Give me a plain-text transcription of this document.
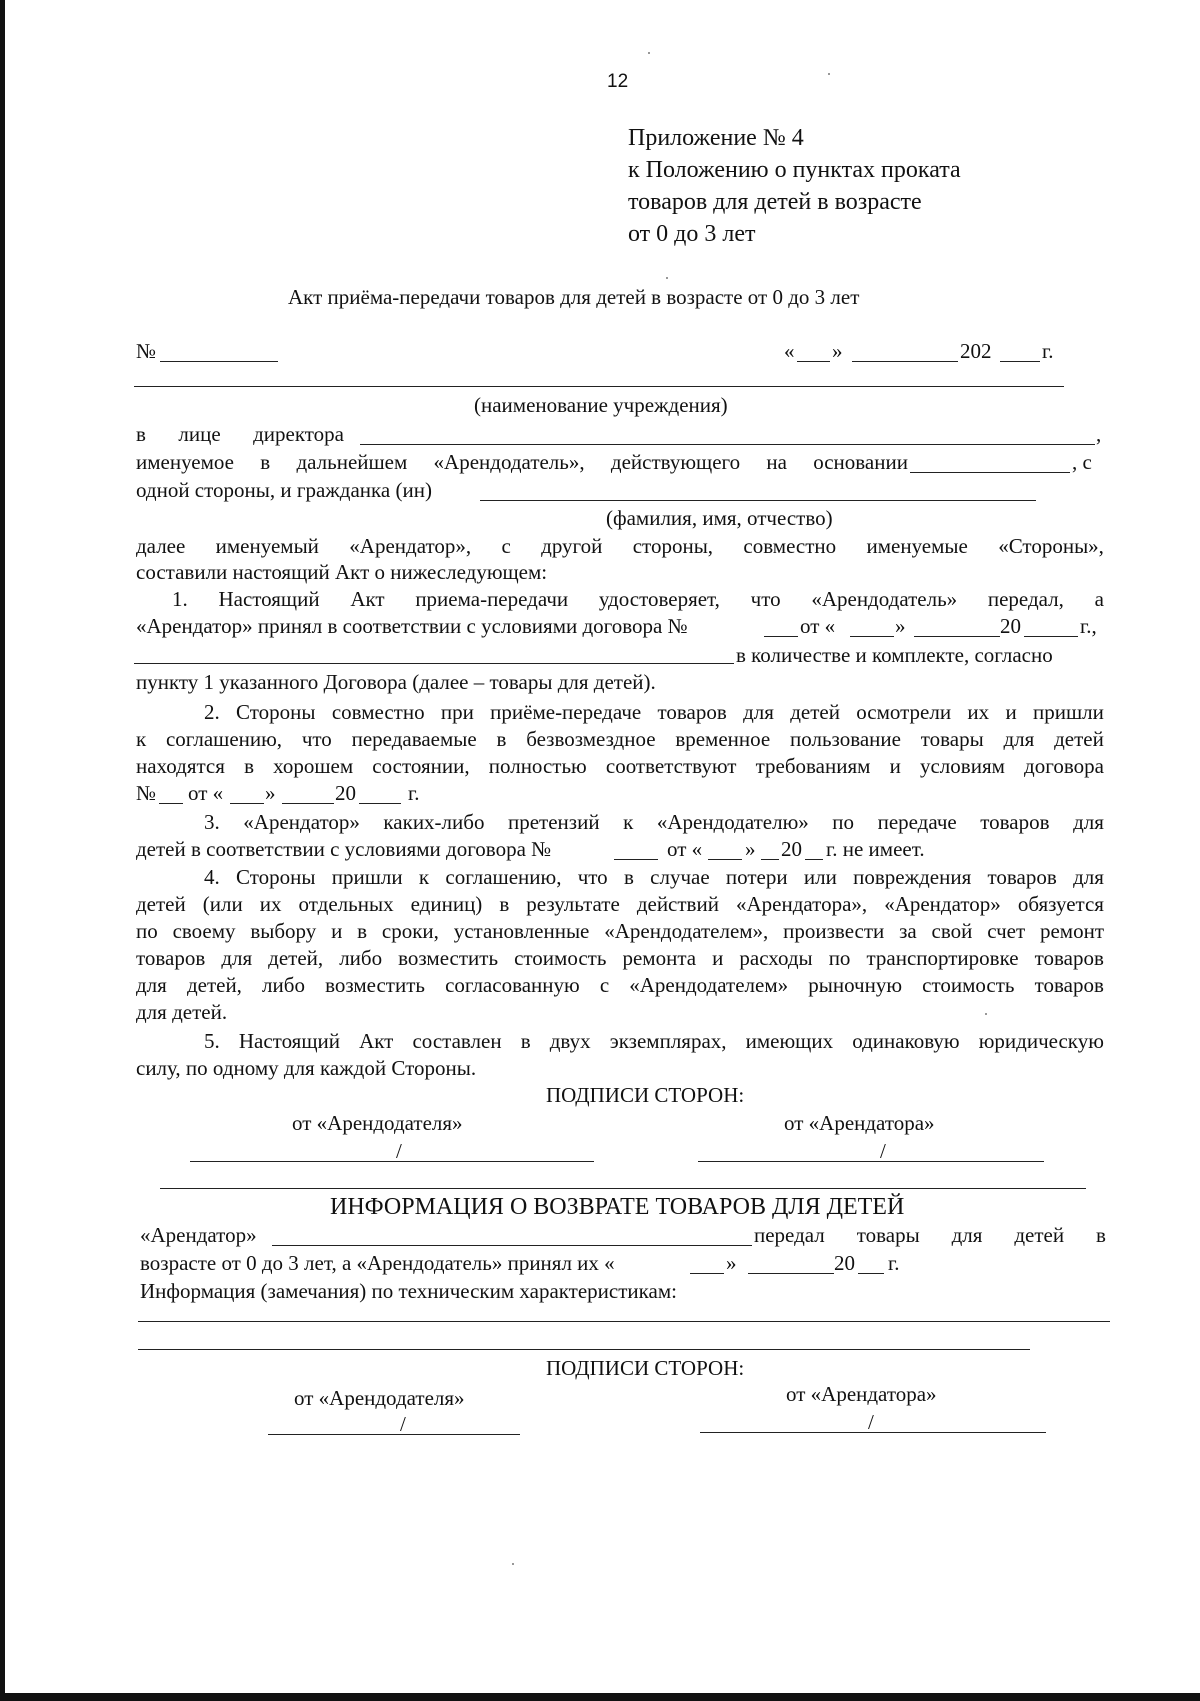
12
Приложение № 4
к Положению о пунктах проката
товаров для детей в возрасте
от 0 до 3 лет
Акт приёма-передачи товаров для детей в возрасте от 0 до 3 лет
№	« »	202 г.
(наименование учреждения)
в лице директора	,
именуемое в дальнейшем «Арендодатель», действующего на основании	, с
одной стороны, и гражданка (ин)
(фамилия, имя, отчество)
далее именуемый «Арендатор», с другой стороны, совместно именуемые «Стороны»,
составили настоящий Акт о нижеследующем:
1. Настоящий Акт приема-передачи удостоверяет, что «Арендодатель» передал, а
«Арендатор» принял в соответствии с условиями договора №	от «	»	20	г.,
в количестве и комплекте, согласно
пункту 1 указанного Договора (далее – товары для детей).
2. Стороны совместно при приёме-передаче товаров для детей осмотрели их и пришли
к соглашению, что передаваемые в безвозмездное временное пользование товары для детей
находятся в хорошем состоянии, полностью соответствуют требованиям и условиям договора
№ от « »	20 г.
3. «Арендатор» каких-либо претензий к «Арендодателю» по передаче товаров для
детей в соответствии с условиями договора №	от « » 20 г. не имеет.
4. Стороны пришли к соглашению, что в случае потери или повреждения товаров для
детей (или их отдельных единиц) в результате действий «Арендатора», «Арендатор» обязуется
по своему выбору и в сроки, установленные «Арендодателем», произвести за свой счет ремонт
товаров для детей, либо возместить стоимость ремонта и расходы по транспортировке товаров
для детей, либо возместить согласованную с «Арендодателем» рыночную стоимость товаров
для детей.
5. Настоящий Акт составлен в двух экземплярах, имеющих одинаковую юридическую
силу, по одному для каждой Стороны.
ПОДПИСИ СТОРОН:
от «Арендодателя»	от «Арендатора»
/	/
ИНФОРМАЦИЯ О ВОЗВРАТЕ ТОВАРОВ ДЛЯ ДЕТЕЙ
«Арендатор»	передал товары для детей в
возрасте от 0 до 3 лет, а «Арендодатель» принял их «	»	20 г.
Информация (замечания) по техническим характеристикам:
ПОДПИСИ СТОРОН:
от «Арендодателя»	от «Арендатора»
/	/
